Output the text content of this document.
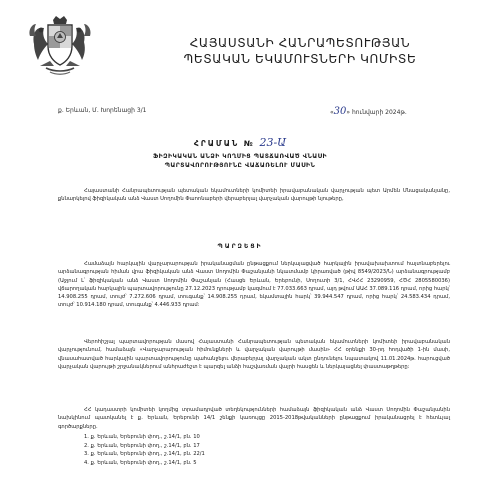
ՀԱՅԱՍՏԱՆԻ ՀԱՆՐԱՊԵՏՈՒԹՅԱՆ
ՊԵՏԱԿԱՆ ԵԿԱՄՈՒՏՆԵՐԻ ԿՈՄԻՏԵ
ք. Երևան, Մ. Խորենացի 3/1	«30» հունվարի 2024թ.
ՀՐԱՄԱՆ № 23-Ա
ՖԻԶԻԿԱԿԱՆ ԱՆՁԻ ԿՈՂՄԻՑ ՊԱՏՃԱՌՎԱԾ ՎՆԱՍԻ
ՊԱՐՏԱՎՈՐՈՒԹՅՈՒՆԸ ՎԱՃԱՌԵԼՈՒ ՄԱՍԻՆ

Հայաստանի Հանրապետության պետական եկամուտների կոմիտեի իրավաբանական վարչության պետ Արմեն Մնացականյանը, քննարկելով ֆիզիկական անձ Վաստ Սողոմին Փաոոնաբերի վերաբերյալ վարչական վարույթի նյութերը,

ՊԱՐԶԵՑԻ

Համաձայն հարկային վարչարարության իրականացման ընթացքում ներկայացված հարկային իրավախախտում հայտնաբերելու արձանագրության հիման վրա ֆիզիկական անձ Վաստ Սողոմին Փաշանյանի նկատմամբ կիրառված (թիվ 8549/2023/Ն) արձանագրությամբ (Աջլում Լ՝ ֆիզիկական անձ Վաստ Սողոմին Փաշանյան (Հասցե Երևան, Երեբունի, Սողուտի 3/1, ՀՎՀՀ 23290959, ՀԾՀ 2805580036) վճարողական հարկային պարտավորությունը 27.12.2023 դրությամբ կազմում է 77.033.663 դրամ, այդ թվում ԱԱՀ 37.089.116 դրամ, որից հարկ՝ 14.908.255 դրամ, տույժ՝ 7.272.606 դրամ, տուգանք՝ 14.908.255 դրամ, եկամտային հարկ՝ 39.944.547 դրամ, որից հարկ՝ 24.583.434 դրամ, տույժ՝ 10.914.180 դրամ, տուգանք՝ 4.446.933 դրամ:

Վերոհիշյալ պարտավորության մասով Հայաստանի Հանրապետության պետական եկամուտների կոմիտեի իրավաբանական վարչությունում, համաձայն «Վարչարարության հիմունքների և վարչական վարույթի մասին» ՀՀ օրենքի 30-րդ հոդվածի 1-ին մասի, վնասահատված հարկային պարտավորությունը պահանջելու վերաբերյալ վարչական ակտ ընդունելու նպատակով 11.01.2024թ. հարուցված վարչական վարույթի շրջանակներում անհրաժեշտ է պարզել անձի հաշվառման վայրի հասցեն և ներկայացնել փաստաթղթերը:

ՀՀ կադաստրի կոմիտեի կողմից տրամադրված տեղեկությունների համաձայն ֆիզիկական անձ Վաստ Սողոմին Փաշանյանին նախկինում պատկանել է ք. Երևան, Երեբունի 14/1 շենքի կառույցը 2015-2018թվականների ընթացքում իրականացրել է հետևյալ գործարքները.

1. ք. Երևան, Երեբունի փող., շ.14/1, բն. 10
2. ք. Երևան, Երեբունի փող., շ.14/1, բն. 17
3. ք. Երևան, Երեբունի փող., շ.14/1, բն. 22/1
4. ք. Երևան, Երեբունի փող., շ.14/1, բն. 5
